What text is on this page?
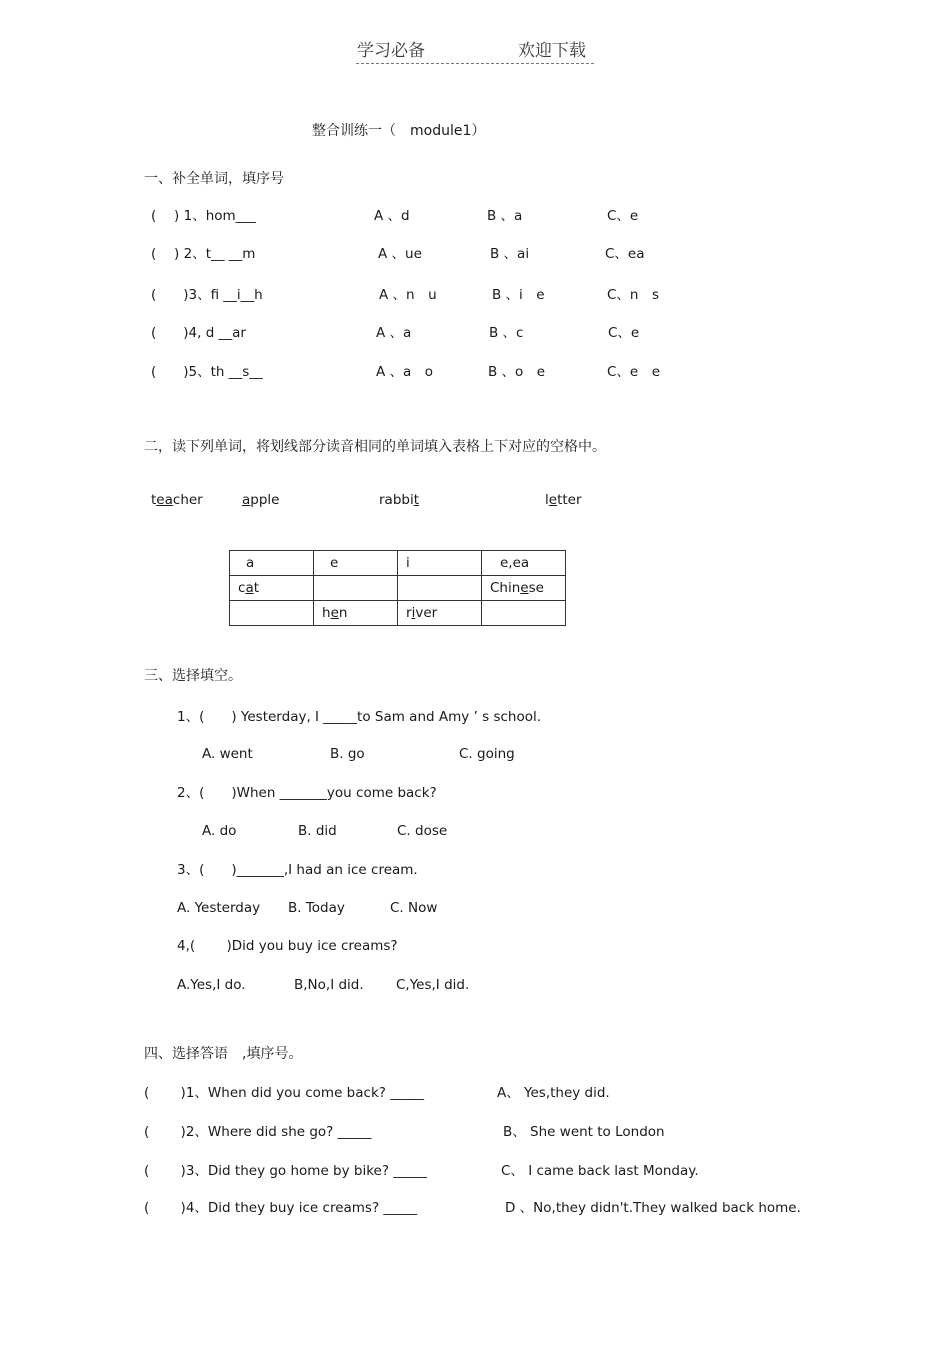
学习必备	欢迎下载
整合训练一（　module1）
一、补全单词，填序号
(　 ) 1、hom___	A 、d	B 、a	C、e
(　 ) 2、t__ __m	A 、ue	B 、ai	C、ea
(　　)3、fi __i__h	A 、n　u	B 、i　e	C、n　s
(　　)4, d __ar	A 、a	B 、c	C、e
(　　)5、th __s__	A 、a　o	B 、o　e	C、e　e
二，读下列单词，将划线部分读音相同的单词填入表格上下对应的空格中。
teacher	apple	rabbit	letter
a	e	i	e,ea
cat			Chinese
	hen	river	
三、选择填空。
1、(　　) Yesterday, I _____to Sam and Amy ’ s school.
A. went	B. go	C. going
2、(　　)When _______you come back?
A. do	B. did	C. dose
3、(　　)_______,I had an ice cream.
A. Yesterday B. Today	C. Now
4,(　　 )Did you buy ice creams?
A.Yes,I do.	B,No,I did. C,Yes,I did.
四、选择答语　,填序号。
(　　 )1、When did you come back? _____	A、 Yes,they did.
(　　 )2、Where did she go? _____	B、 She went to London
(　　 )3、Did they go home by bike? _____	C、 I came back last Monday.
(　　 )4、Did they buy ice creams? _____	D 、No,they didn't.They walked back home.
